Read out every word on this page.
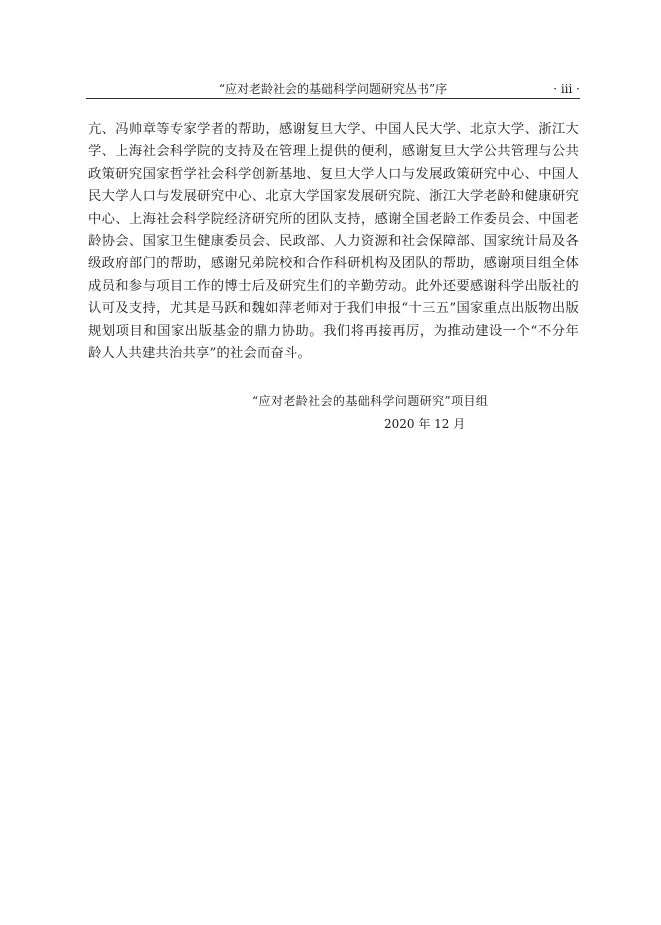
“应对老龄社会的基础科学问题研究丛书”序	· iii ·

亢、冯帅章等专家学者的帮助，感谢复旦大学、中国人民大学、北京大学、浙江大学、上海社会科学院的支持及在管理上提供的便利，感谢复旦大学公共管理与公共政策研究国家哲学社会科学创新基地、复旦大学人口与发展政策研究中心、中国人民大学人口与发展研究中心、北京大学国家发展研究院、浙江大学老龄和健康研究中心、上海社会科学院经济研究所的团队支持，感谢全国老龄工作委员会、中国老龄协会、国家卫生健康委员会、民政部、人力资源和社会保障部、国家统计局及各级政府部门的帮助，感谢兄弟院校和合作科研机构及团队的帮助，感谢项目组全体成员和参与项目工作的博士后及研究生们的辛勤劳动。此外还要感谢科学出版社的认可及支持，尤其是马跃和魏如萍老师对于我们申报“十三五”国家重点出版物出版规划项目和国家出版基金的鼎力协助。我们将再接再厉，为推动建设一个“不分年龄人人共建共治共享”的社会而奋斗。

“应对老龄社会的基础科学问题研究”项目组
2020 年 12 月
